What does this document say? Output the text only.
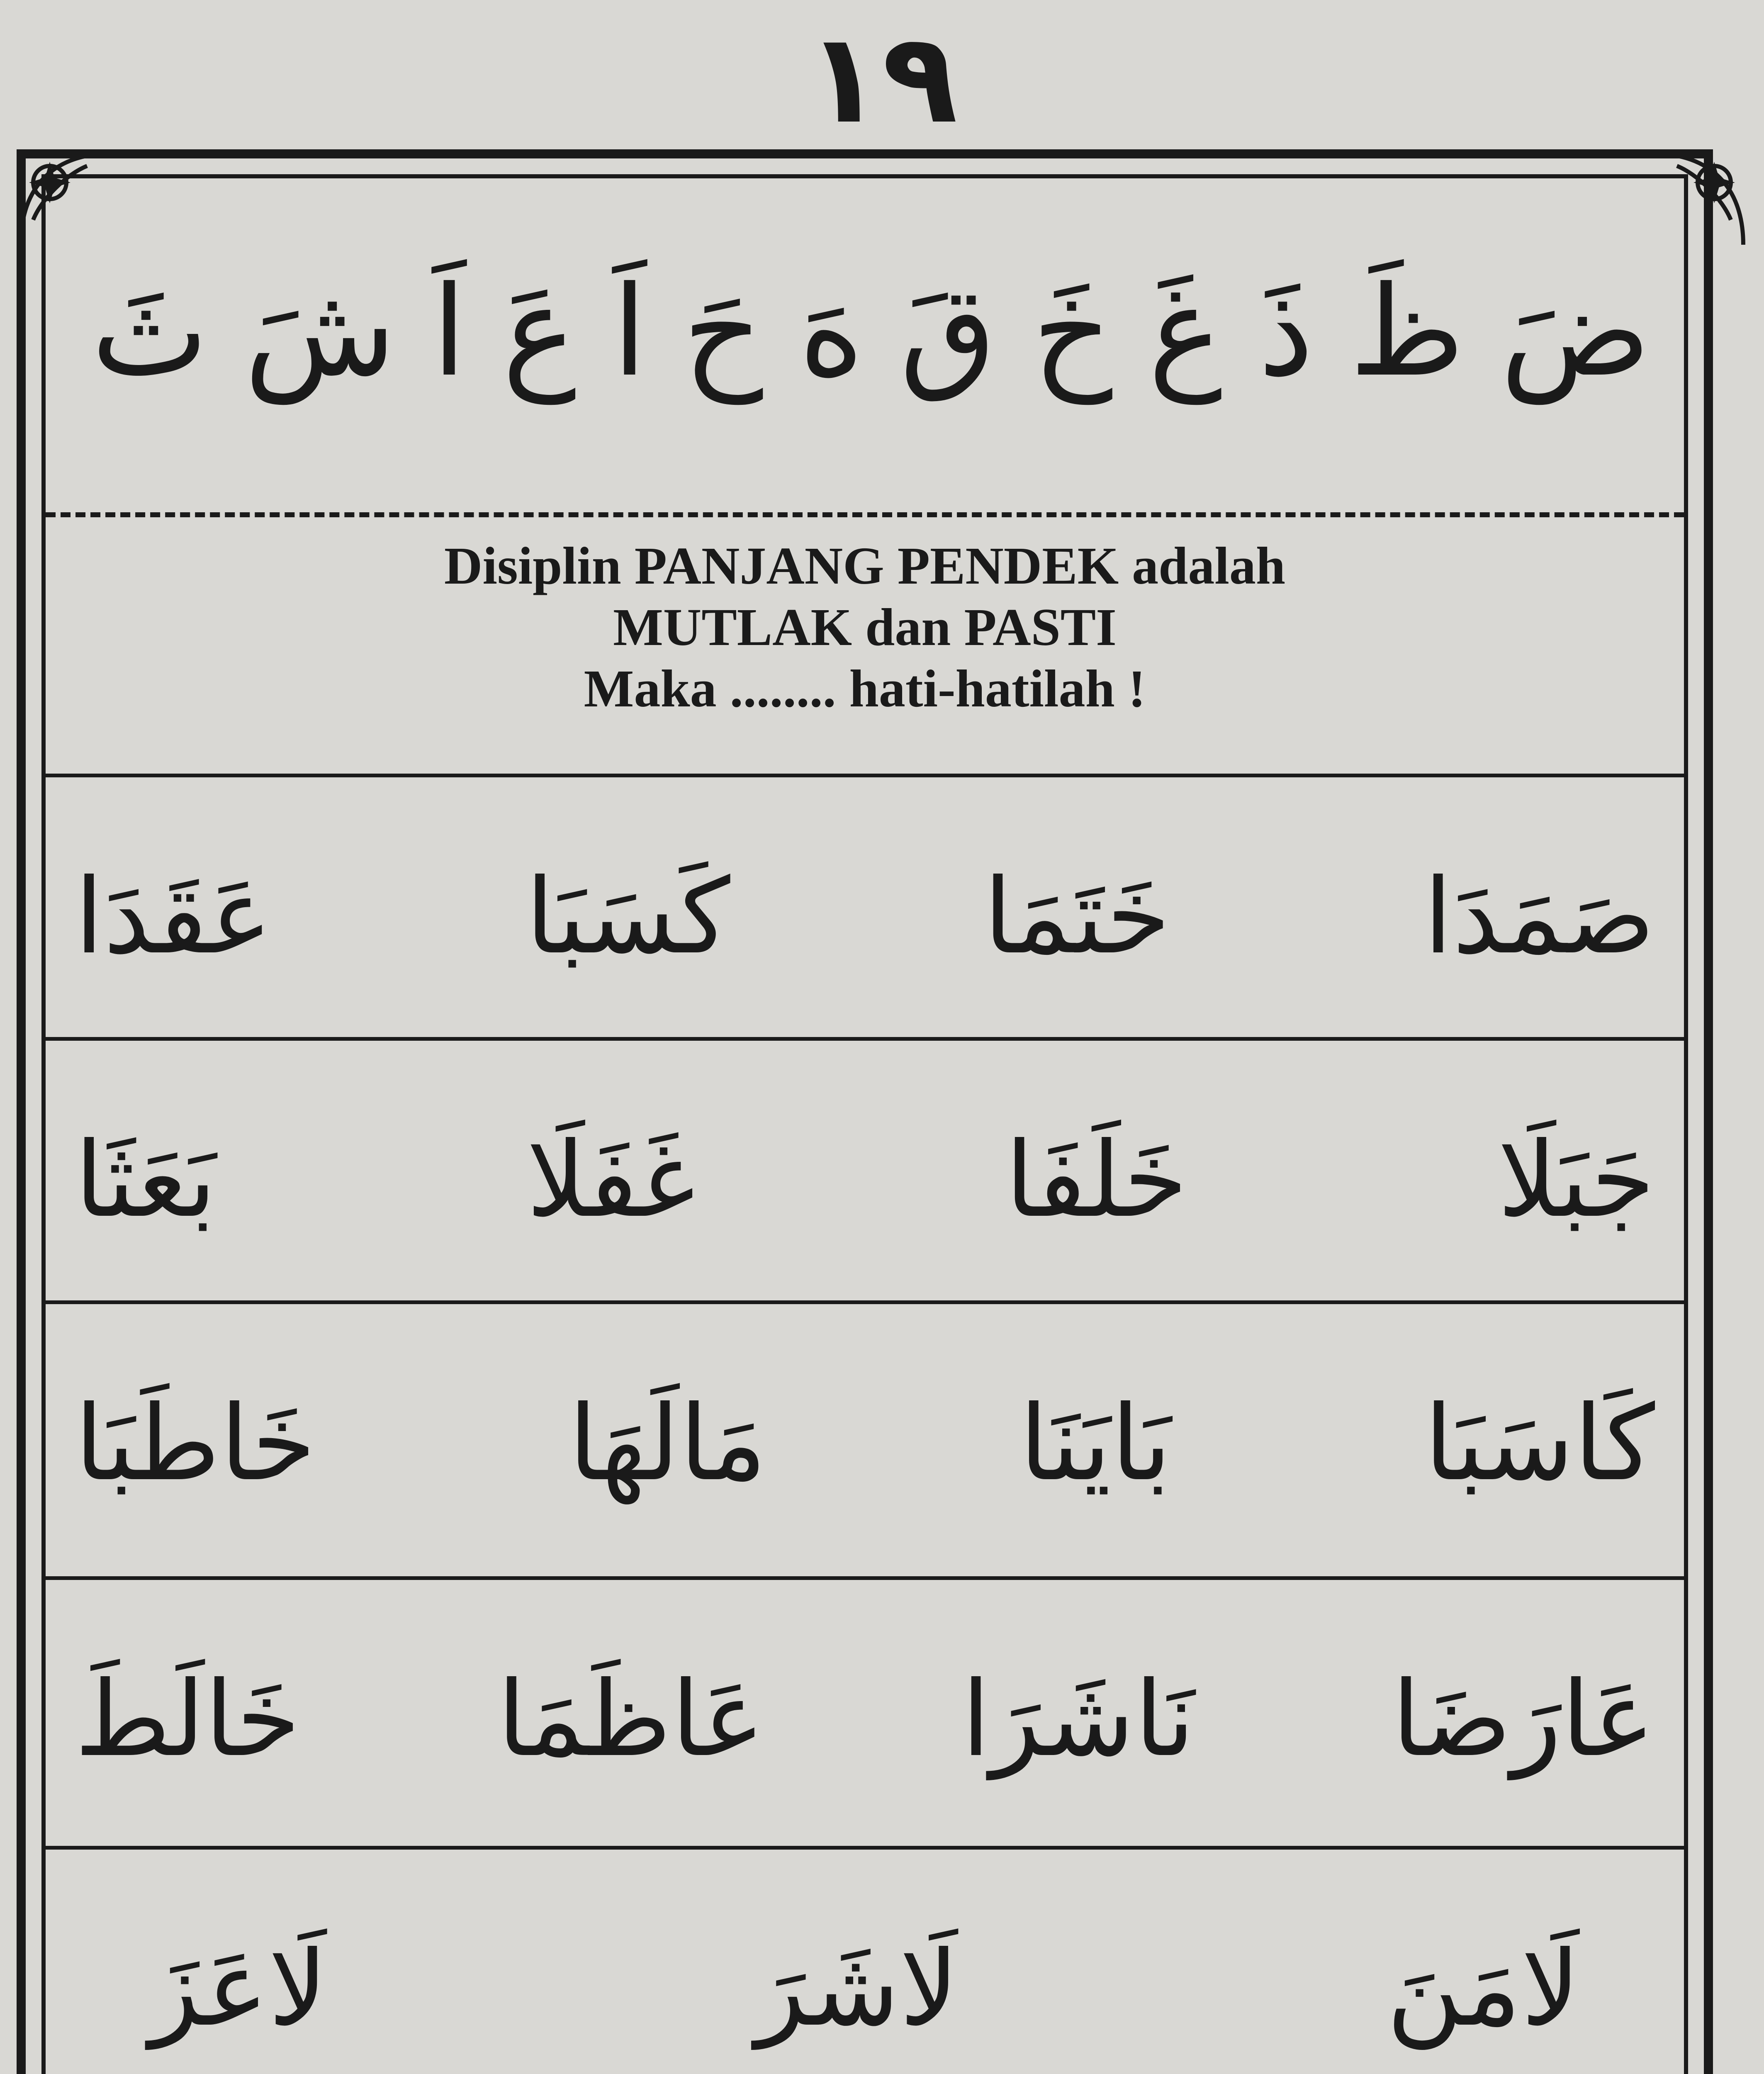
١٩
ثَ شَ اَ عَ اَ حَ هَ قَ خَ غَ ذَ ظَ ضَ
Disiplin PANJANG PENDEK adalah
MUTLAK dan PASTI
Maka ........ hati-hatilah !
عَقَدَا كَسَبَا خَتَمَا صَمَدَا
بَعَثَا	غَفَلَا	خَلَفَا	جَبَلَا
خَاطَبَا مَالَهَا بَايَنَا كَاسَبَا
خَالَطَ عَاظَمَا نَاشَرَا عَارَضَا
لَاعَزَ	لَاشَرَ	لَامَنَ
